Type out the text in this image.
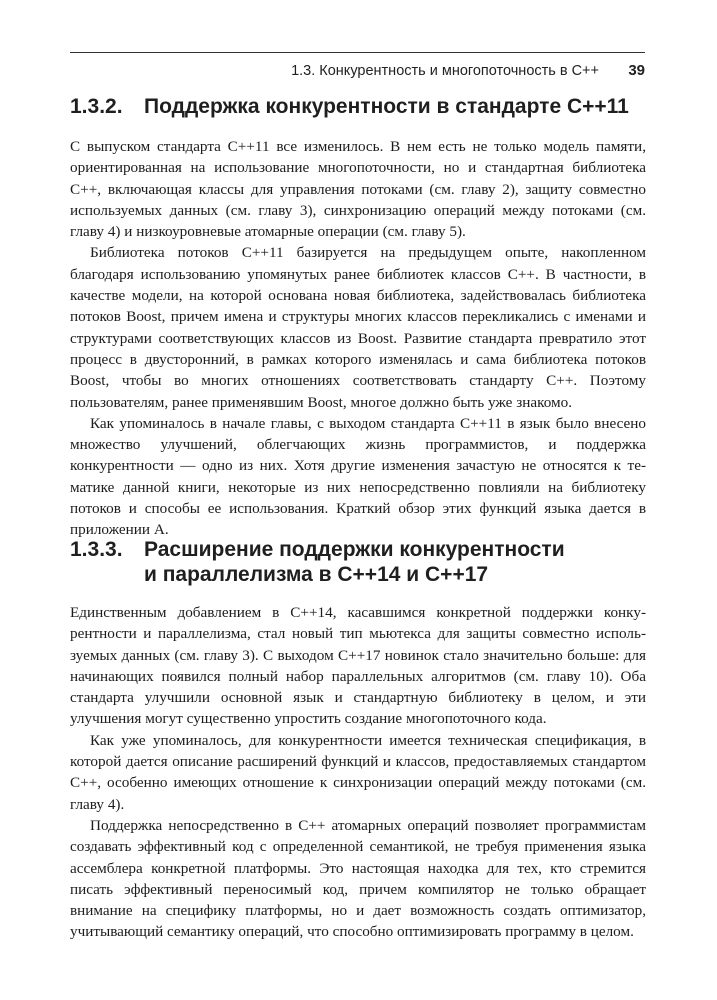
1.3. Конкурентность и многопоточность в C++ 39
1.3.2.	Поддержка конкурентности в стандарте C++11

С выпуском стандарта C++11 все изменилось. В нем есть не только модель памяти, ориентированная на использование многопоточности, но и стандартная библиотека C++, включающая классы для управления потоками (см. главу 2), защиту совместно используемых данных (см. главу 3), синхронизацию операций между потоками (см. главу 4) и низкоуровневые атомарные операции (см. главу 5).

Библиотека потоков C++11 базируется на предыдущем опыте, накопленном благодаря использованию упомянутых ранее библиотек классов C++. В частности, в качестве модели, на которой основана новая библиотека, задействовалась библиотека потоков Boost, причем имена и структуры многих классов перекликались с именами и структурами соответствующих классов из Boost. Развитие стандарта превратило этот процесс в двусторонний, в рамках которого изменялась и сама библиотека потоков Boost, чтобы во многих отношениях соответствовать стандарту C++. Поэтому пользователям, ранее применявшим Boost, многое должно быть уже знакомо.

Как упоминалось в начале главы, с выходом стандарта C++11 в язык было внесено множество улучшений, облегчающих жизнь программистов, и поддержка конкурентности — одно из них. Хотя другие изменения зачастую не относятся к тематике данной книги, некоторые из них непосредственно повлияли на библиотеку потоков и способы ее использования. Краткий обзор этих функций языка дается в приложении А.

1.3.3.	Расширение поддержки конкурентности
и параллелизма в C++14 и C++17

Единственным добавлением в C++14, касавшимся конкретной поддержки конкурентности и параллелизма, стал новый тип мьютекса для защиты совместно используемых данных (см. главу 3). С выходом C++17 новинок стало значительно больше: для начинающих появился полный набор параллельных алгоритмов (см. главу 10). Оба стандарта улучшили основной язык и стандартную библиотеку в целом, и эти улучшения могут существенно упростить создание многопоточного кода.

Как уже упоминалось, для конкурентности имеется техническая спецификация, в которой дается описание расширений функций и классов, предоставляемых стандартом C++, особенно имеющих отношение к синхронизации операций между потоками (см. главу 4).

Поддержка непосредственно в C++ атомарных операций позволяет программистам создавать эффективный код с определенной семантикой, не требуя применения языка ассемблера конкретной платформы. Это настоящая находка для тех, кто стремится писать эффективный переносимый код, причем компилятор не только обращает внимание на специфику платформы, но и дает возможность создать оптимизатор, учитывающий семантику операций, что способно оптимизировать программу в целом.
